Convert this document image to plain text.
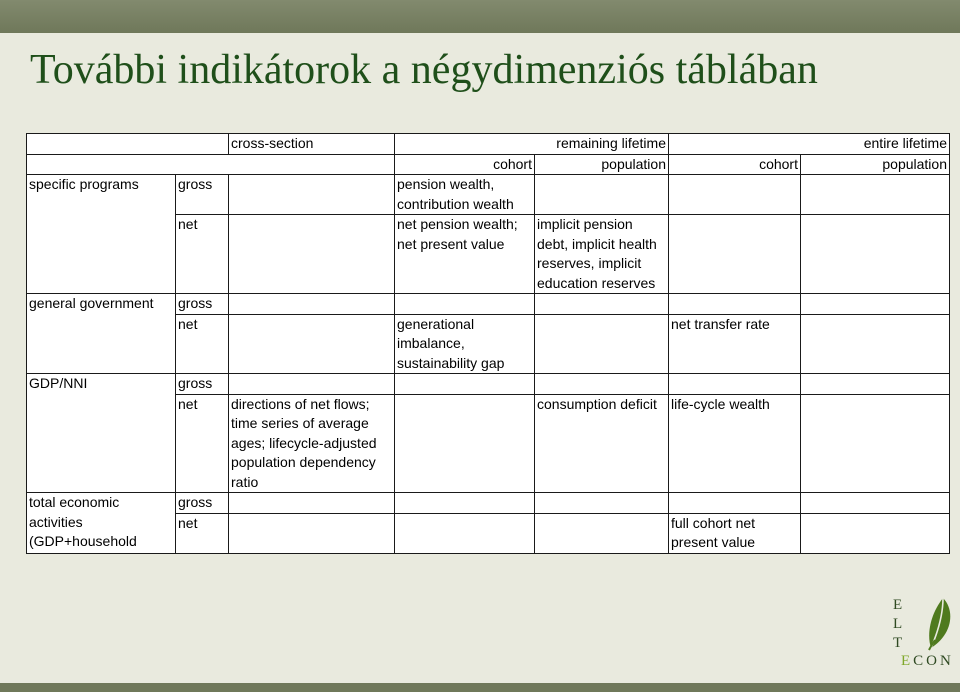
További indikátorok a négydimenziós táblában
		cross-section	remaining lifetime		entire lifetime	
			cohort	population	cohort	population
specific programs	gross		pension wealth, contribution wealth			
	net		net pension wealth; net present value	implicit pension debt, implicit health reserves, implicit education reserves		
general government	gross					
	net		generational imbalance, sustainability gap		net transfer rate	
GDP/NNI	gross					
	net	directions of net flows; time series of average ages; lifecycle-adjusted population dependency ratio		consumption deficit	life-cycle wealth	
total economic activities (GDP+household	gross					
	net				full cohort net present value	
E
L
T
ECON
